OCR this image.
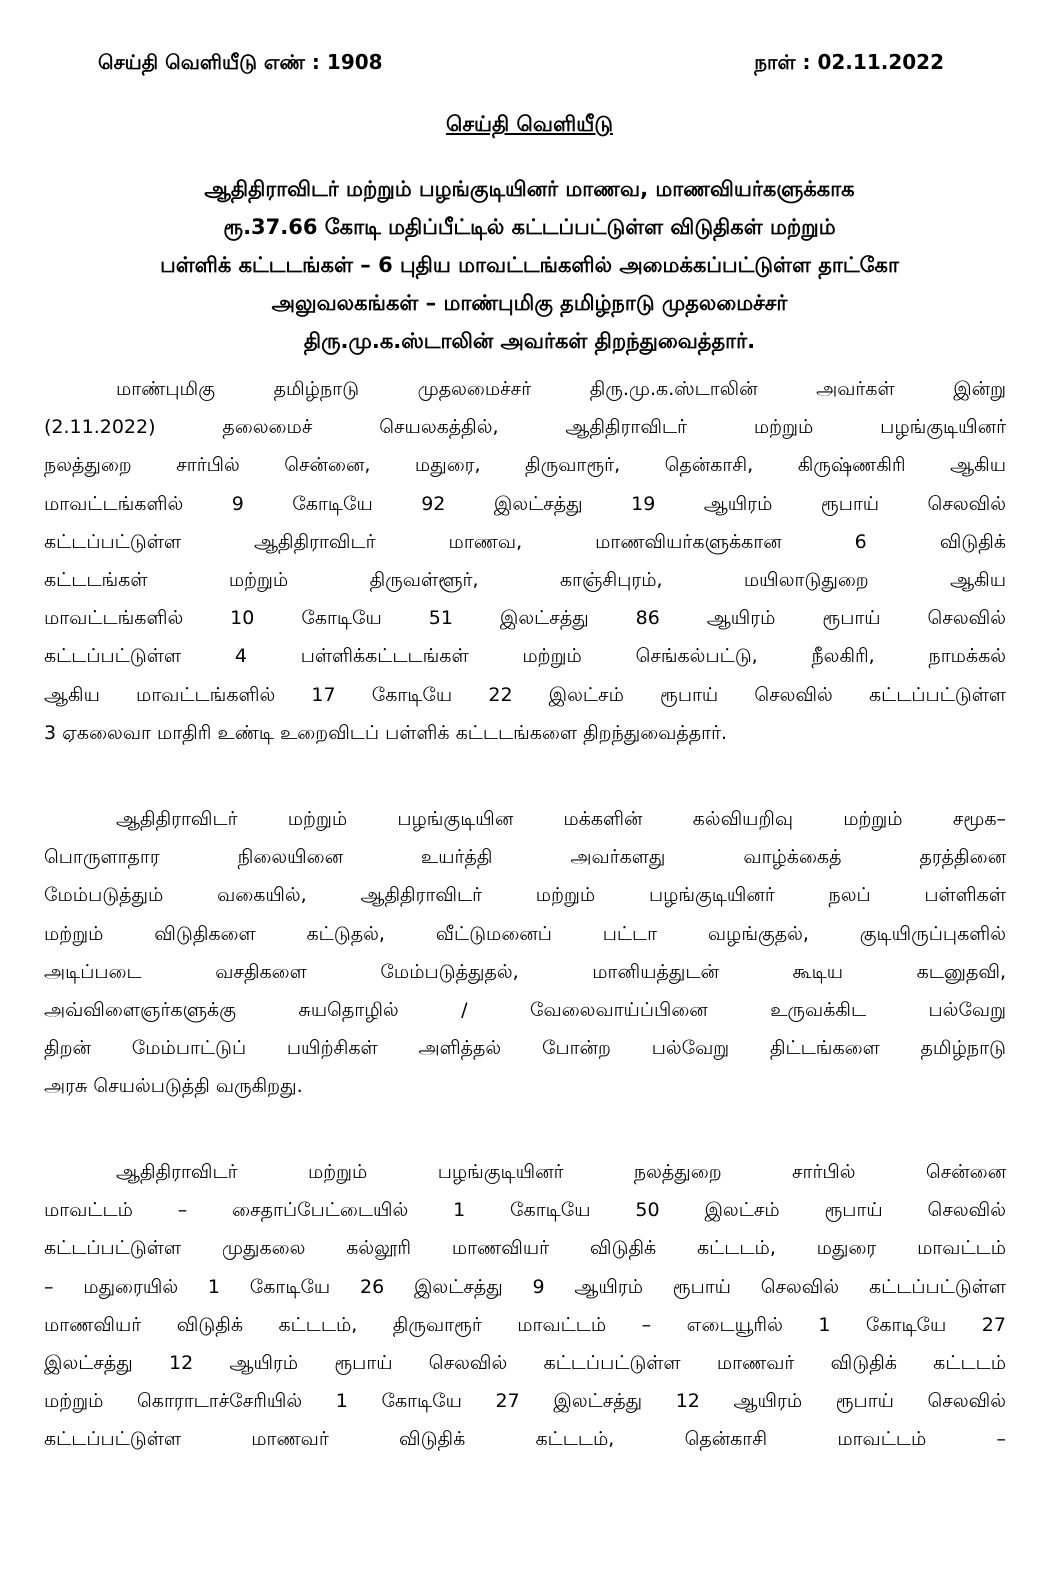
செய்தி வெளியீடு எண் : 1908	நாள் : 02.11.2022
செய்தி வெளியீடு
ஆதிதிராவிடர் மற்றும் பழங்குடியினர் மாணவ, மாணவியர்களுக்காக
ரூ.37.66 கோடி மதிப்பீட்டில் கட்டப்பட்டுள்ள விடுதிகள் மற்றும்
பள்ளிக் கட்டடங்கள் – 6 புதிய மாவட்டங்களில் அமைக்கப்பட்டுள்ள தாட்கோ
அலுவலகங்கள் – மாண்புமிகு தமிழ்நாடு முதலமைச்சர்
திரு.மு.க.ஸ்டாலின் அவர்கள் திறந்துவைத்தார்.
மாண்புமிகு தமிழ்நாடு முதலமைச்சர் திரு.மு.க.ஸ்டாலின் அவர்கள் இன்று
(2.11.2022) தலைமைச் செயலகத்தில், ஆதிதிராவிடர் மற்றும் பழங்குடியினர்
நலத்துறை சார்பில் சென்னை, மதுரை, திருவாரூர், தென்காசி, கிருஷ்ணகிரி ஆகிய
மாவட்டங்களில் 9 கோடியே 92 இலட்சத்து 19 ஆயிரம் ரூபாய் செலவில்
கட்டப்பட்டுள்ள ஆதிதிராவிடர் மாணவ, மாணவியர்களுக்கான 6 விடுதிக்
கட்டடங்கள் மற்றும் திருவள்ளூர், காஞ்சிபுரம், மயிலாடுதுறை ஆகிய
மாவட்டங்களில் 10 கோடியே 51 இலட்சத்து 86 ஆயிரம் ரூபாய் செலவில்
கட்டப்பட்டுள்ள 4 பள்ளிக்கட்டடங்கள் மற்றும் செங்கல்பட்டு, நீலகிரி, நாமக்கல்
ஆகிய மாவட்டங்களில் 17 கோடியே 22 இலட்சம் ரூபாய் செலவில் கட்டப்பட்டுள்ள
3 ஏகலைவா மாதிரி உண்டி உறைவிடப் பள்ளிக் கட்டடங்களை திறந்துவைத்தார்.
ஆதிதிராவிடர் மற்றும் பழங்குடியின மக்களின் கல்வியறிவு மற்றும் சமூக–
பொருளாதார நிலையினை உயர்த்தி அவர்களது வாழ்க்கைத் தரத்தினை
மேம்படுத்தும் வகையில், ஆதிதிராவிடர் மற்றும் பழங்குடியினர் நலப் பள்ளிகள்
மற்றும் விடுதிகளை கட்டுதல், வீட்டுமனைப் பட்டா வழங்குதல், குடியிருப்புகளில்
அடிப்படை வசதிகளை மேம்படுத்துதல், மானியத்துடன் கூடிய கடனுதவி,
அவ்விளைஞர்களுக்கு சுயதொழில் / வேலைவாய்ப்பினை உருவக்கிட பல்வேறு
திறன் மேம்பாட்டுப் பயிற்சிகள் அளித்தல் போன்ற பல்வேறு திட்டங்களை தமிழ்நாடு
அரசு செயல்படுத்தி வருகிறது.
ஆதிதிராவிடர் மற்றும் பழங்குடியினர் நலத்துறை சார்பில் சென்னை
மாவட்டம் – சைதாப்பேட்டையில் 1 கோடியே 50 இலட்சம் ரூபாய் செலவில்
கட்டப்பட்டுள்ள முதுகலை கல்லூரி மாணவியர் விடுதிக் கட்டடம், மதுரை மாவட்டம்
– மதுரையில் 1 கோடியே 26 இலட்சத்து 9 ஆயிரம் ரூபாய் செலவில் கட்டப்பட்டுள்ள
மாணவியர் விடுதிக் கட்டடம், திருவாரூர் மாவட்டம் – எடையூரில் 1 கோடியே 27
இலட்சத்து 12 ஆயிரம் ரூபாய் செலவில் கட்டப்பட்டுள்ள மாணவர் விடுதிக் கட்டடம்
மற்றும் கொராடாச்சேரியில் 1 கோடியே 27 இலட்சத்து 12 ஆயிரம் ரூபாய் செலவில்
கட்டப்பட்டுள்ள மாணவர் விடுதிக் கட்டடம், தென்காசி மாவட்டம் –
